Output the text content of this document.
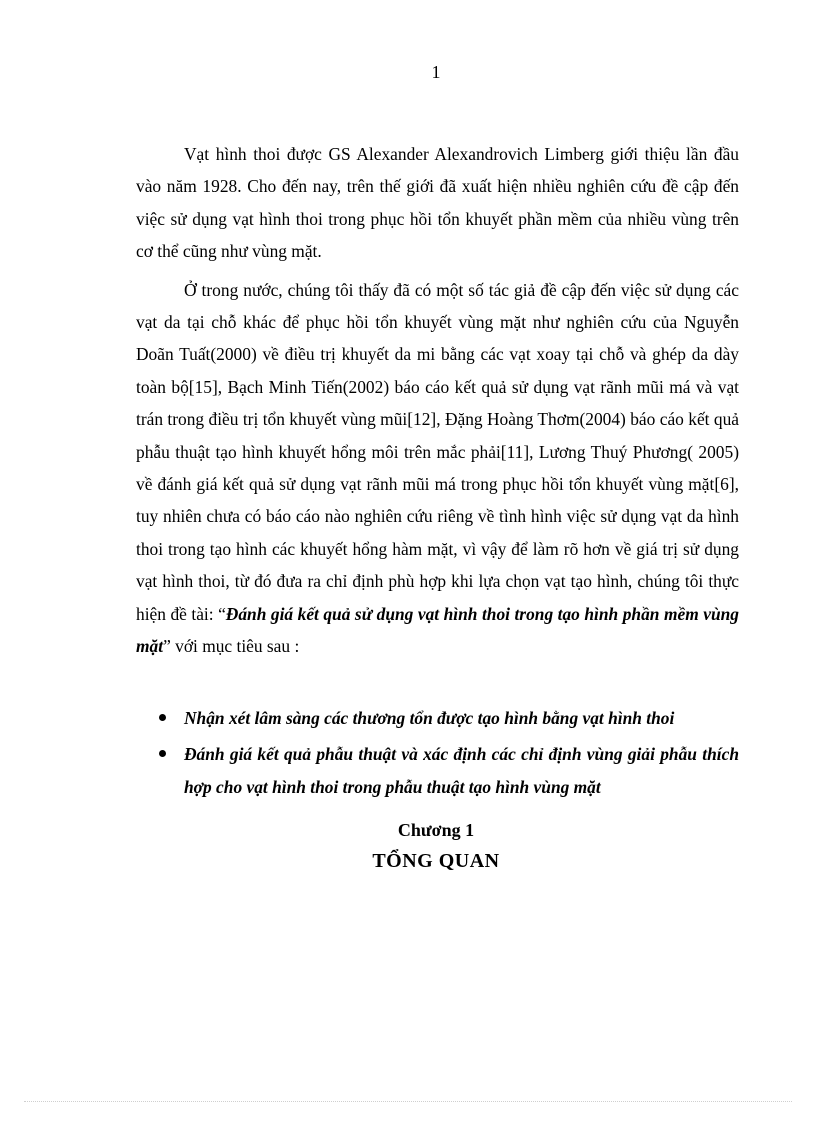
1

Vạt hình thoi được GS Alexander Alexandrovich Limberg giới thiệu lần đầu vào năm 1928. Cho đến nay, trên thế giới đã xuất hiện nhiều nghiên cứu đề cập đến việc sử dụng vạt hình thoi trong phục hồi tổn khuyết phần mềm của nhiều vùng trên cơ thể cũng như vùng mặt.

Ở trong nước, chúng tôi thấy đã có một số tác giả đề cập đến việc sử dụng các vạt da tại chỗ khác để phục hồi tổn khuyết vùng mặt như nghiên cứu của Nguyễn Doãn Tuất(2000) về điều trị khuyết da mi bằng các vạt xoay tại chỗ và ghép da dày toàn bộ[15], Bạch Minh Tiến(2002) báo cáo kết quả sử dụng vạt rãnh mũi má và vạt trán trong điều trị tổn khuyết vùng mũi[12], Đặng Hoàng Thơm(2004) báo cáo kết quả phẫu thuật tạo hình khuyết hổng môi trên mắc phải[11], Lương Thuý Phương( 2005) về đánh giá kết quả sử dụng vạt rãnh mũi má trong phục hồi tổn khuyết vùng mặt[6], tuy nhiên chưa có báo cáo nào nghiên cứu riêng về tình hình việc sử dụng vạt da hình thoi trong tạo hình các khuyết hổng hàm mặt, vì vậy để làm rõ hơn về giá trị sử dụng vạt hình thoi, từ đó đưa ra chỉ định phù hợp khi lựa chọn vạt tạo hình, chúng tôi thực hiện đề tài: “Đánh giá kết quả sử dụng vạt hình thoi trong tạo hình phần mềm vùng mặt” với mục tiêu sau :

Nhận xét lâm sàng các thương tổn được tạo hình bằng vạt hình thoi
Đánh giá kết quả phẫu thuật và xác định các chỉ định vùng giải phẫu thích hợp cho vạt hình thoi trong phẫu thuật tạo hình vùng mặt
Chương 1
TỔNG QUAN
